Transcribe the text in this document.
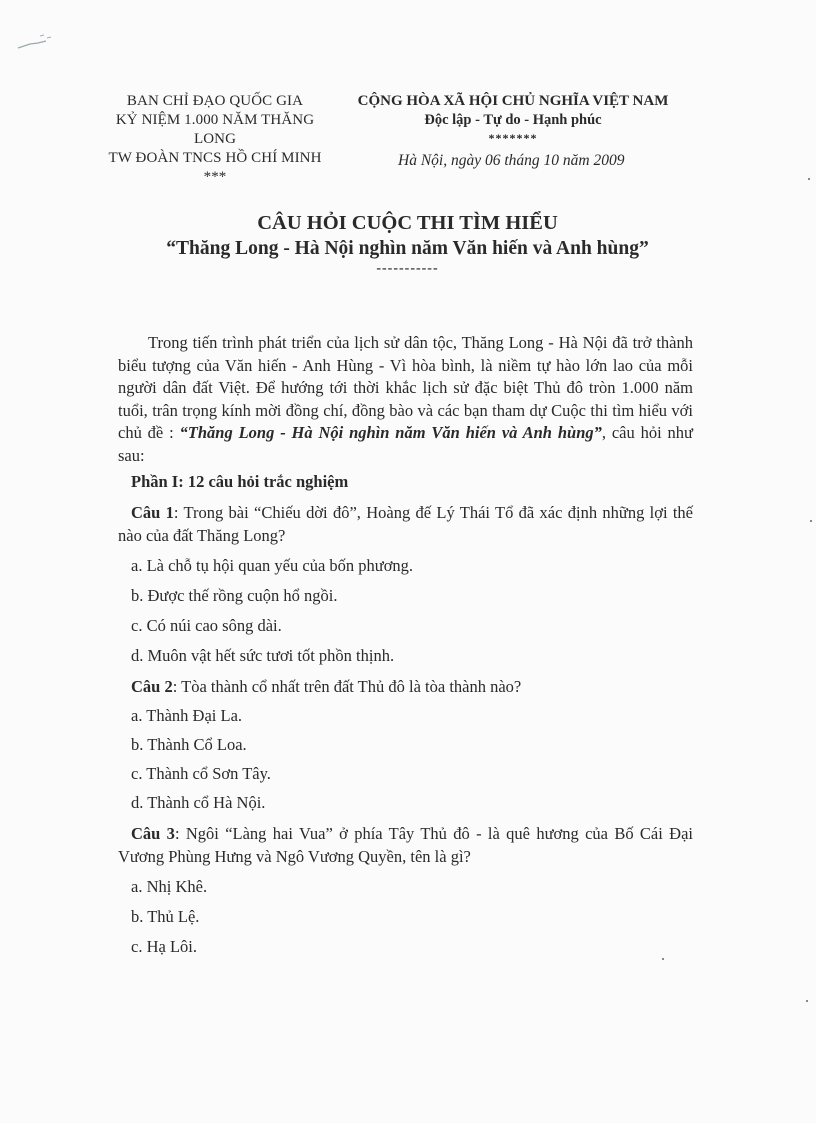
BAN CHỈ ĐẠO QUỐC GIA
KỶ NIỆM 1.000 NĂM THĂNG LONG
TW ĐOÀN TNCS HỒ CHÍ MINH
***
CỘNG HÒA XÃ HỘI CHỦ NGHĨA VIỆT NAM
Độc lập - Tự do - Hạnh phúc
*******
Hà Nội, ngày 06 tháng 10 năm 2009
CÂU HỎI CUỘC THI TÌM HIỂU
“Thăng Long - Hà Nội nghìn năm Văn hiến và Anh hùng”
-----------

Trong tiến trình phát triển của lịch sử dân tộc, Thăng Long - Hà Nội đã trở thành biểu tượng của Văn hiến - Anh Hùng - Vì hòa bình, là niềm tự hào lớn lao của mỗi người dân đất Việt. Để hướng tới thời khắc lịch sử đặc biệt Thủ đô tròn 1.000 năm tuổi, trân trọng kính mời đồng chí, đồng bào và các bạn tham dự Cuộc thi tìm hiểu với chủ đề : “Thăng Long - Hà Nội nghìn năm Văn hiến và Anh hùng”, câu hỏi như sau:

Phần I: 12 câu hỏi trắc nghiệm
Câu 1: Trong bài “Chiếu dời đô”, Hoàng đế Lý Thái Tổ đã xác định những lợi thế nào của đất Thăng Long?
a. Là chỗ tụ hội quan yếu của bốn phương.
b. Được thế rồng cuộn hổ ngồi.
c. Có núi cao sông dài.
d. Muôn vật hết sức tươi tốt phồn thịnh.
Câu 2: Tòa thành cổ nhất trên đất Thủ đô là tòa thành nào?
a. Thành Đại La.
b. Thành Cổ Loa.
c. Thành cổ Sơn Tây.
d. Thành cổ Hà Nội.
Câu 3: Ngôi “Làng hai Vua” ở phía Tây Thủ đô - là quê hương của Bố Cái Đại Vương Phùng Hưng và Ngô Vương Quyền, tên là gì?
a. Nhị Khê.
b. Thủ Lệ.
c. Hạ Lôi.
